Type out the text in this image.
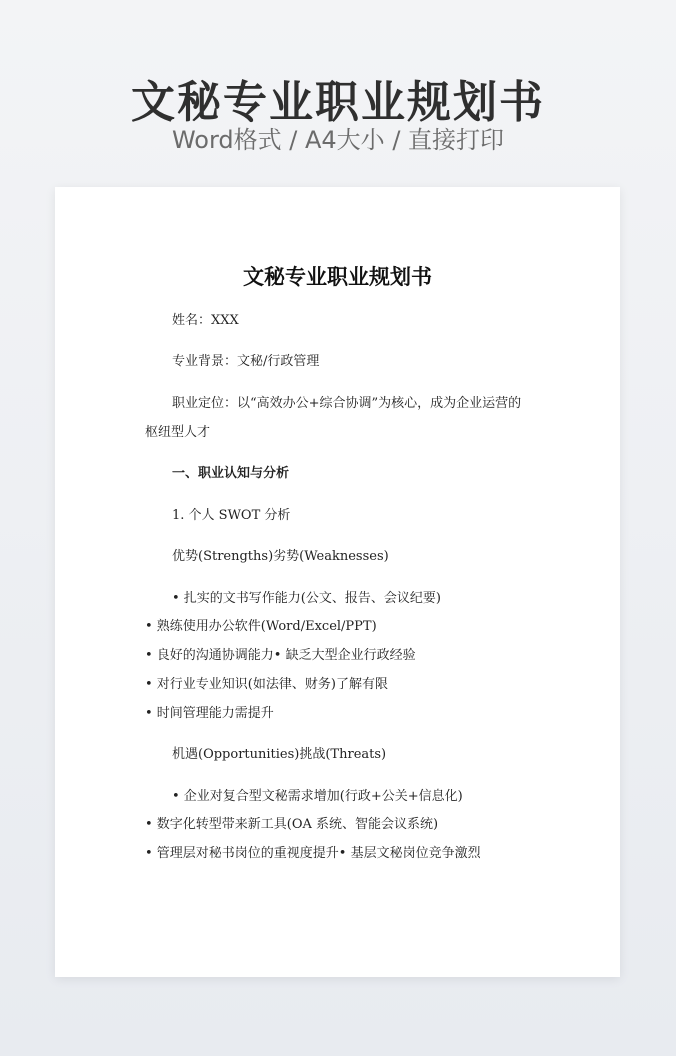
文秘专业职业规划书

Word格式 / A4大小 / 直接打印

文秘专业职业规划书

姓名：XXX

专业背景：文秘/行政管理

职业定位：以“高效办公+综合协调”为核心，成为企业运营的

枢纽型人才

一、职业认知与分析

1. 个人 SWOT 分析

优势(Strengths)劣势(Weaknesses)

• 扎实的文书写作能力(公文、报告、会议纪要)

• 熟练使用办公软件(Word/Excel/PPT)

• 良好的沟通协调能力• 缺乏大型企业行政经验

• 对行业专业知识(如法律、财务)了解有限

• 时间管理能力需提升

机遇(Opportunities)挑战(Threats)

• 企业对复合型文秘需求增加(行政+公关+信息化)

• 数字化转型带来新工具(OA 系统、智能会议系统)

• 管理层对秘书岗位的重视度提升• 基层文秘岗位竞争激烈
